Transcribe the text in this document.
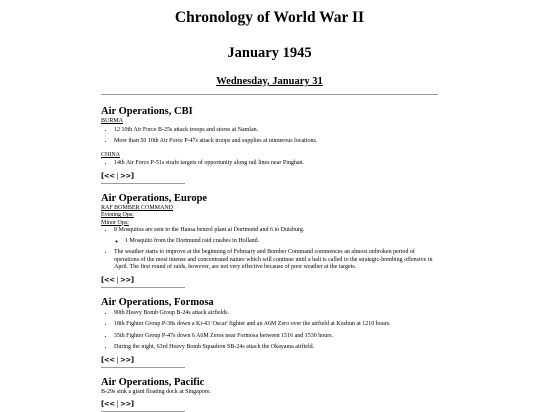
Chronology of World War II
January 1945
Wednesday, January 31
Air Operations, CBI
BURMA
• 12 10th Air Force B-25s attack troops and stores at Namlan.
• More than 50 10th Air Force P-47s attack troops and supplies at numerous locations.
CHINA
• 14th Air Force P-51s strafe targets of opportunity along rail lines near Pinghan.
[<< | >>]
Air Operations, Europe
RAF BOMBER COMMAND
Evening Ops:
Minor Ops:
• 8 Mosquitos are sent to the Hansa benzol plant at Dortmund and 6 to Duisburg.
◦ 1 Mosquito from the Dortmund raid crashes in Holland.
• The weather starts to improve at the beginning of February and Bomber Command commences an almost unbroken period of operations of the most intense and concentrated nature which will continue until a halt is called to the strategic-bombing offensive in April. The first round of raids, however, are not very effective because of poor weather at the targets.
[<< | >>]
Air Operations, Formosa
• 90th Heavy Bomb Group B-24s attack airfields.
• 18th Fighter Group P-38s down a Ki-43 'Oscar' fighter and an A6M Zero over the airfield at Koshun at 1210 hours.
• 35th Fighter Group P-47s down 6 A6M Zeros near Formosa between 1516 and 1530 hours.
• During the night, 63rd Heavy Bomb Squadron SB-24s attack the Okayama airfield.
[<< | >>]
Air Operations, Pacific
B-29s sink a giant floating dock at Singapore.
[<< | >>]
